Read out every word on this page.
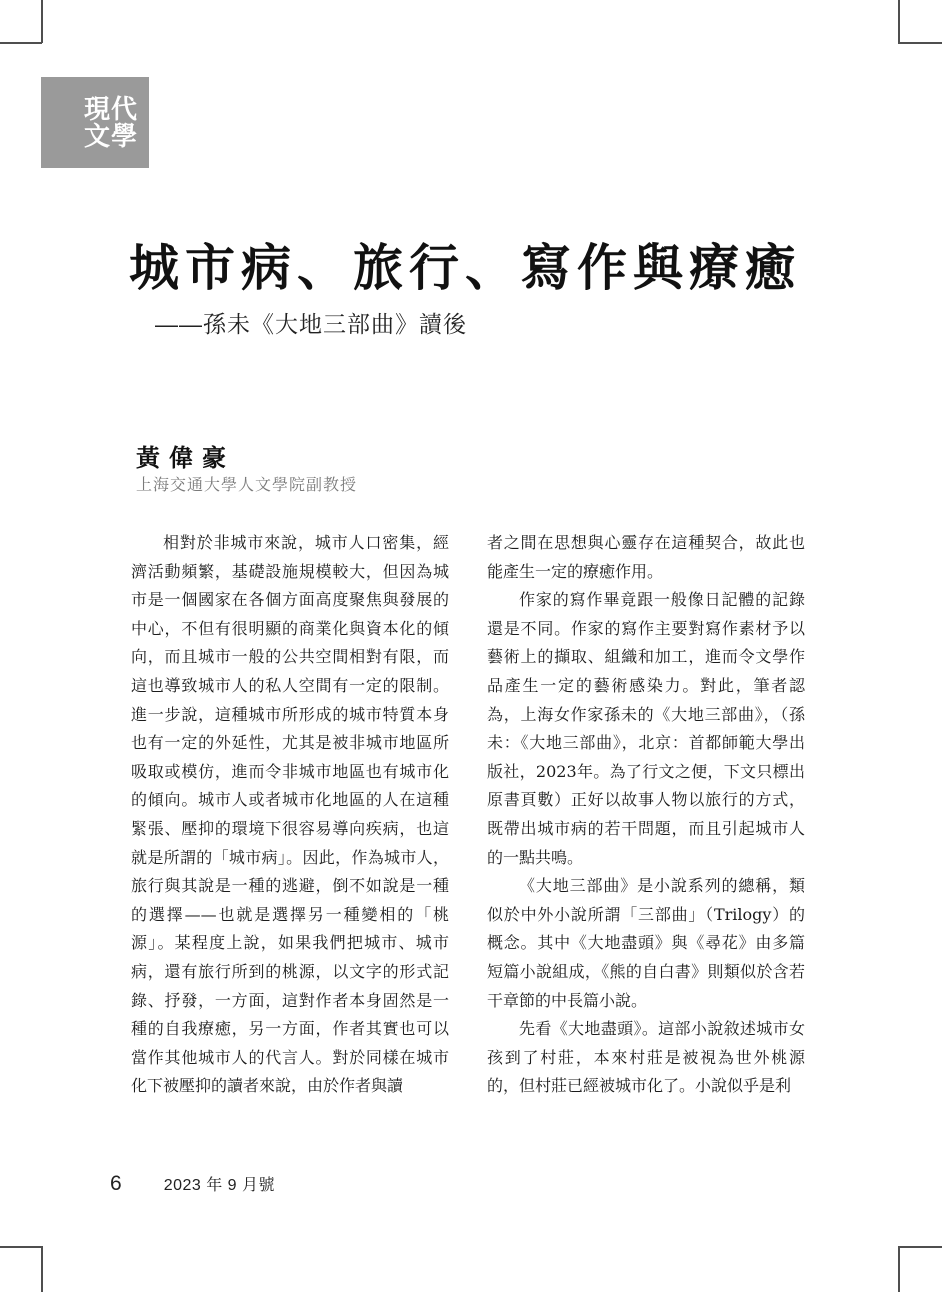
現代
文學
城市病、旅行、寫作與療癒
——孫未《大地三部曲》讀後
黃偉豪
上海交通大學人文學院副教授

相對於非城市來說，城市人口密集，經濟活動頻繁，基礎設施規模較大，但因為城市是一個國家在各個方面高度聚焦與發展的中心，不但有很明顯的商業化與資本化的傾向，而且城市一般的公共空間相對有限，而這也導致城市人的私人空間有一定的限制。進一步說，這種城市所形成的城市特質本身也有一定的外延性，尤其是被非城市地區所吸取或模仿，進而令非城市地區也有城市化的傾向。城市人或者城市化地區的人在這種緊張、壓抑的環境下很容易導向疾病，也這就是所謂的「城市病」。因此，作為城市人，旅行與其說是一種的逃避，倒不如說是一種的選擇——也就是選擇另一種變相的「桃源」。某程度上說，如果我們把城市、城市病，還有旅行所到的桃源，以文字的形式記錄、抒發，一方面，這對作者本身固然是一種的自我療癒，另一方面，作者其實也可以當作其他城市人的代言人。對於同樣在城市化下被壓抑的讀者來說，由於作者與讀

者之間在思想與心靈存在這種契合，故此也能產生一定的療癒作用。

作家的寫作畢竟跟一般像日記體的記錄還是不同。作家的寫作主要對寫作素材予以藝術上的擷取、組織和加工，進而令文學作品產生一定的藝術感染力。對此，筆者認為，上海女作家孫未的《大地三部曲》，（孫未：《大地三部曲》，北京：首都師範大學出版社，2023年。為了行文之便，下文只標出原書頁數）正好以故事人物以旅行的方式，既帶出城市病的若干問題，而且引起城市人的一點共鳴。

《大地三部曲》是小說系列的總稱，類似於中外小說所謂「三部曲」（Trilogy）的概念。其中《大地盡頭》與《尋花》由多篇短篇小說組成，《熊的自白書》則類似於含若干章節的中長篇小說。

先看《大地盡頭》。這部小說敘述城市女孩到了村莊，本來村莊是被視為世外桃源的，但村莊已經被城市化了。小說似乎是利

6	2023 年 9 月號
